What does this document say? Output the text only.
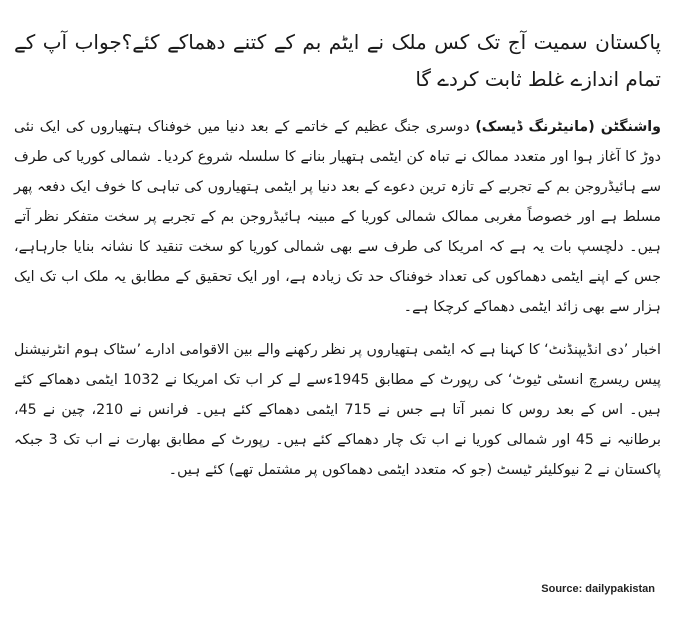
پاکستان سمیت آج تک کس ملک نے ایٹم بم کے کتنے دھماکے کئے؟جواب آپ کے تمام اندازے غلط ثابت کردے گا

واشنگٹن (مانیٹرنگ ڈیسک) دوسری جنگ عظیم کے خاتمے کے بعد دنیا میں خوفناک ہتھیاروں کی ایک نئی دوڑ کا آغاز ہوا اور متعدد ممالک نے تباہ کن ایٹمی ہتھیار بنانے کا سلسلہ شروع کردیا۔ شمالی کوریا کی طرف سے ہائیڈروجن بم کے تجربے کے تازہ ترین دعوے کے بعد دنیا پر ایٹمی ہتھیاروں کی تباہی کا خوف ایک دفعہ پھر مسلط ہے اور خصوصاً مغربی ممالک شمالی کوریا کے مبینہ ہائیڈروجن بم کے تجربے پر سخت متفکر نظر آتے ہیں۔ دلچسپ بات یہ ہے کہ امریکا کی طرف سے بھی شمالی کوریا کو سخت تنقید کا نشانہ بنایا جارہاہے، جس کے اپنے ایٹمی دھماکوں کی تعداد خوفناک حد تک زیادہ ہے، اور ایک تحقیق کے مطابق یہ ملک اب تک ایک ہزار سے بھی زائد ایٹمی دھماکے کرچکا ہے۔

اخبار ’دی انڈیپنڈنٹ‘ کا کہنا ہے کہ ایٹمی ہتھیاروں پر نظر رکھنے والے بین الاقوامی ادارے ’سٹاک ہوم انٹرنیشنل پیس ریسرچ انسٹی ٹیوٹ‘ کی رپورٹ کے مطابق 1945ءسے لے کر اب تک امریکا نے 1032 ایٹمی دھماکے کئے ہیں۔ اس کے بعد روس کا نمبر آتا ہے جس نے 715 ایٹمی دھماکے کئے ہیں۔ فرانس نے 210، چین نے 45، برطانیہ نے 45 اور شمالی کوریا نے اب تک چار دھماکے کئے ہیں۔ رپورٹ کے مطابق بھارت نے اب تک 3 جبکہ پاکستان نے 2 نیوکلیئر ٹیسٹ (جو کہ متعدد ایٹمی دھماکوں پر مشتمل تھے) کئے ہیں۔

Source: dailypakistan
